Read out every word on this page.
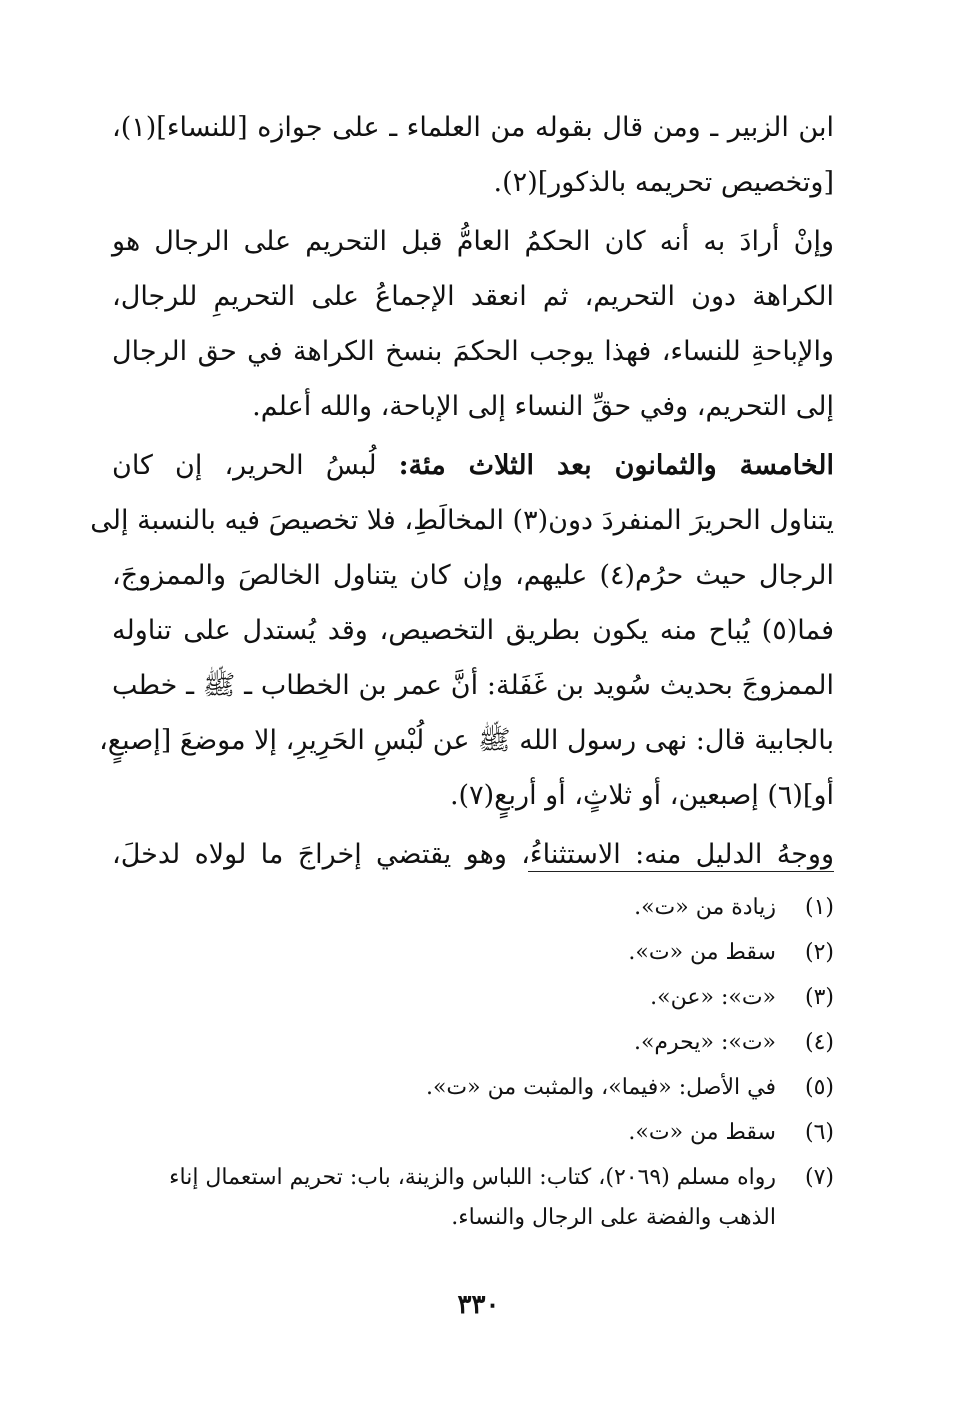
ابن الزبير ـ ومن قال بقوله من العلماء ـ على جوازه [للنساء](١)،
[وتخصيص تحريمه بالذكور](٢).
وإنْ أرادَ به أنه كان الحكمُ العامُّ قبل التحريم على الرجال هو
الكراهة دون التحريم، ثم انعقد الإجماعُ على التحريمِ للرجال،
والإباحةِ للنساء، فهذا يوجب الحكمَ بنسخ الكراهة في حق الرجال
إلى التحريم، وفي حقِّ النساء إلى الإباحة، والله أعلم.
الخامسة والثمانون بعد الثلاث مئة: لُبسُ الحرير، إن كان
يتناول الحريرَ المنفردَ دون(٣) المخالَطِ، فلا تخصيصَ فيه بالنسبة إلى
الرجال حيث حرُم(٤) عليهم، وإن كان يتناول الخالصَ والممزوجَ،
فما(٥) يُباح منه يكون بطريق التخصيص، وقد يُستدل على تناوله
الممزوجَ بحديث سُويد بن غَفَلة: أنَّ عمر بن الخطاب ـ ﷺ ـ خطب
بالجابية قال: نهى رسول الله ﷺ عن لُبْسِ الحَرِيرِ، إلا موضعَ [إصبعٍ،
أو](٦) إصبعين، أو ثلاثٍ، أو أربعٍ(٧).
ووجهُ الدليل منه: الاستثناءُ، وهو يقتضي إخراجَ ما لولاه لدخلَ،
(١)
زيادة من «ت».
(٢)
سقط من «ت».
(٣)
«ت»: «عن».
(٤)
«ت»: «يحرم».
(٥)
في الأصل: «فيما»، والمثبت من «ت».
(٦)
سقط من «ت».
(٧)
رواه مسلم (٢٠٦٩)، كتاب: اللباس والزينة، باب: تحريم استعمال إناء الذهب والفضة على الرجال والنساء.
٣٣٠
